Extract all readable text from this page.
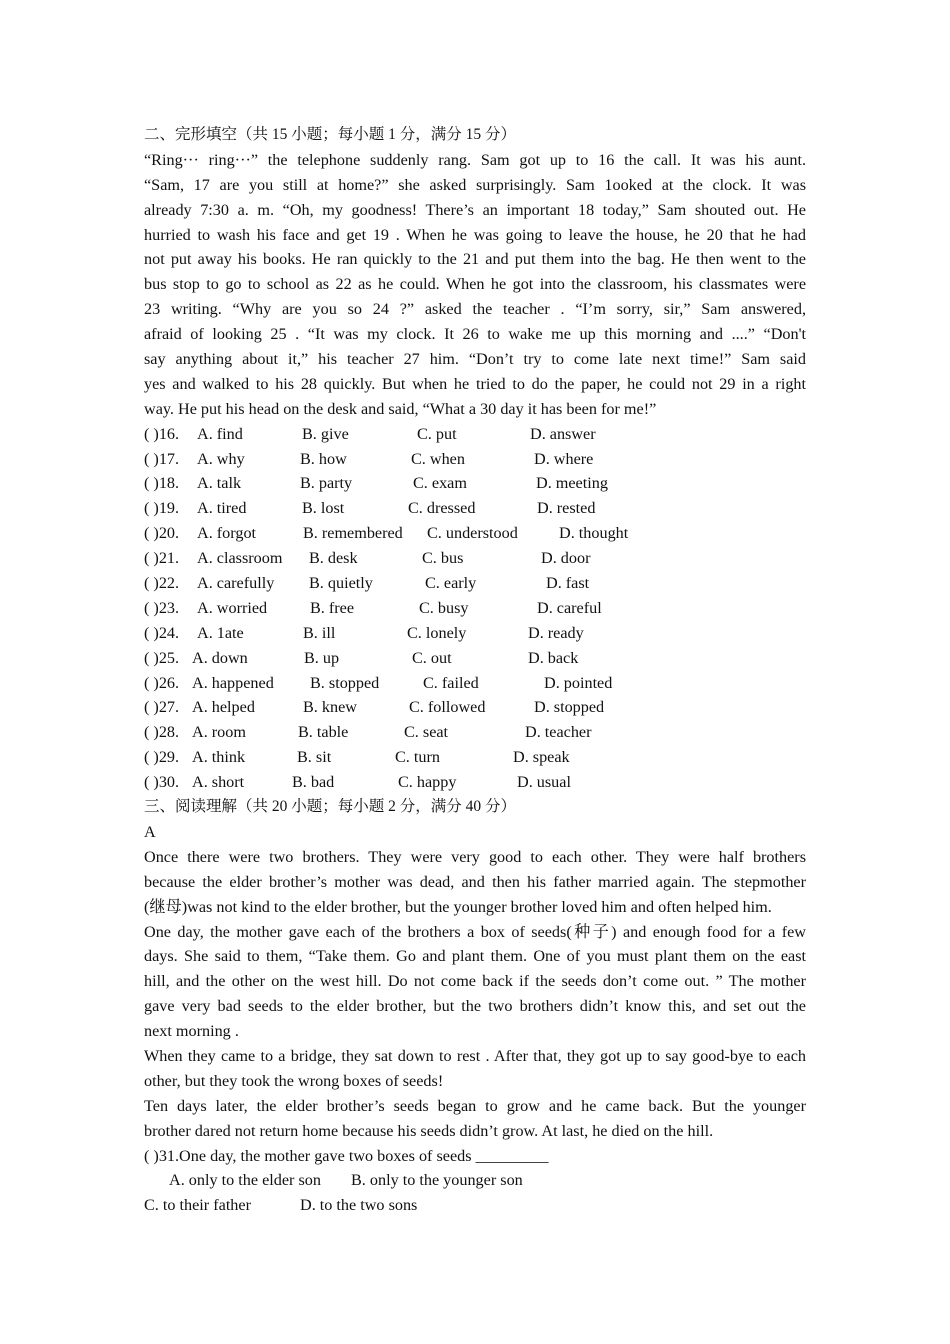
二、完形填空（共 15 小题；每小题 1 分，满分 15 分）
“Ring··· ring···” the telephone suddenly rang. Sam got up to 16 the call. It was his aunt.
“Sam, 17 are you still at home?” she asked surprisingly. Sam 1ooked at the clock. It was
already 7:30 a. m. “Oh, my goodness! There’s an important 18 today,” Sam shouted out. He
hurried to wash his face and get 19 . When he was going to leave the house, he 20 that he had
not put away his books. He ran quickly to the 21 and put them into the bag. He then went to the
bus stop to go to school as 22 as he could. When he got into the classroom, his classmates were
23 writing. “Why are you so 24 ?” asked the teacher . “I’m sorry, sir,” Sam answered,
afraid of looking 25 . “It was my clock. It 26 to wake me up this morning and ....” “Don't
say anything about it,” his teacher 27 him. “Don’t try to come late next time!” Sam said
yes and walked to his 28 quickly. But when he tried to do the paper, he could not 29 in a right
way. He put his head on the desk and said, “What a 30 day it has been for me!”
( )16. A. find	B. give	C. put	D. answer
( )17. A. why	B. how	C. when	D. where
( )18. A. talk	B. party	C. exam	D. meeting
( )19. A. tired	B. lost	C. dressed	D. rested
( )20. A. forgot	B. remembered C. understood	D. thought
( )21. A. classroom B. desk	C. bus	D. door
( )22. A. carefully B. quietly	C. early	D. fast
( )23. A. worried	B. free	C. busy	D. careful
( )24. A. 1ate	B. ill	C. lonely	D. ready
( )25. A. down	B. up	C. out	D. back
( )26. A. happened B. stopped	C. failed	D. pointed
( )27. A. helped	B. knew	C. followed	D. stopped
( )28. A. room	B. table	C. seat	D. teacher
( )29. A. think	B. sit	C. turn	D. speak
( )30. A. short	B. bad	C. happy	D. usual
三、阅读理解（共 20 小题；每小题 2 分，满分 40 分）
A
Once there were two brothers. They were very good to each other. They were half brothers
because the elder brother’s mother was dead, and then his father married again. The stepmother
(继母)was not kind to the elder brother, but the younger brother loved him and often helped him.
One day, the mother gave each of the brothers a box of seeds(种子) and enough food for a few
days. She said to them, “Take them. Go and plant them. One of you must plant them on the east
hill, and the other on the west hill. Do not come back if the seeds don’t come out. ” The mother
gave very bad seeds to the elder brother, but the two brothers didn’t know this, and set out the
next morning .
When they came to a bridge, they sat down to rest . After that, they got up to say good-bye to each
other, but they took the wrong boxes of seeds!
Ten days later, the elder brother’s seeds began to grow and he came back. But the younger
brother dared not return home because his seeds didn’t grow. At last, he died on the hill.
( )31.One day, the mother gave two boxes of seeds _________
A. only to the elder son B. only to the younger son
C. to their father	D. to the two sons
